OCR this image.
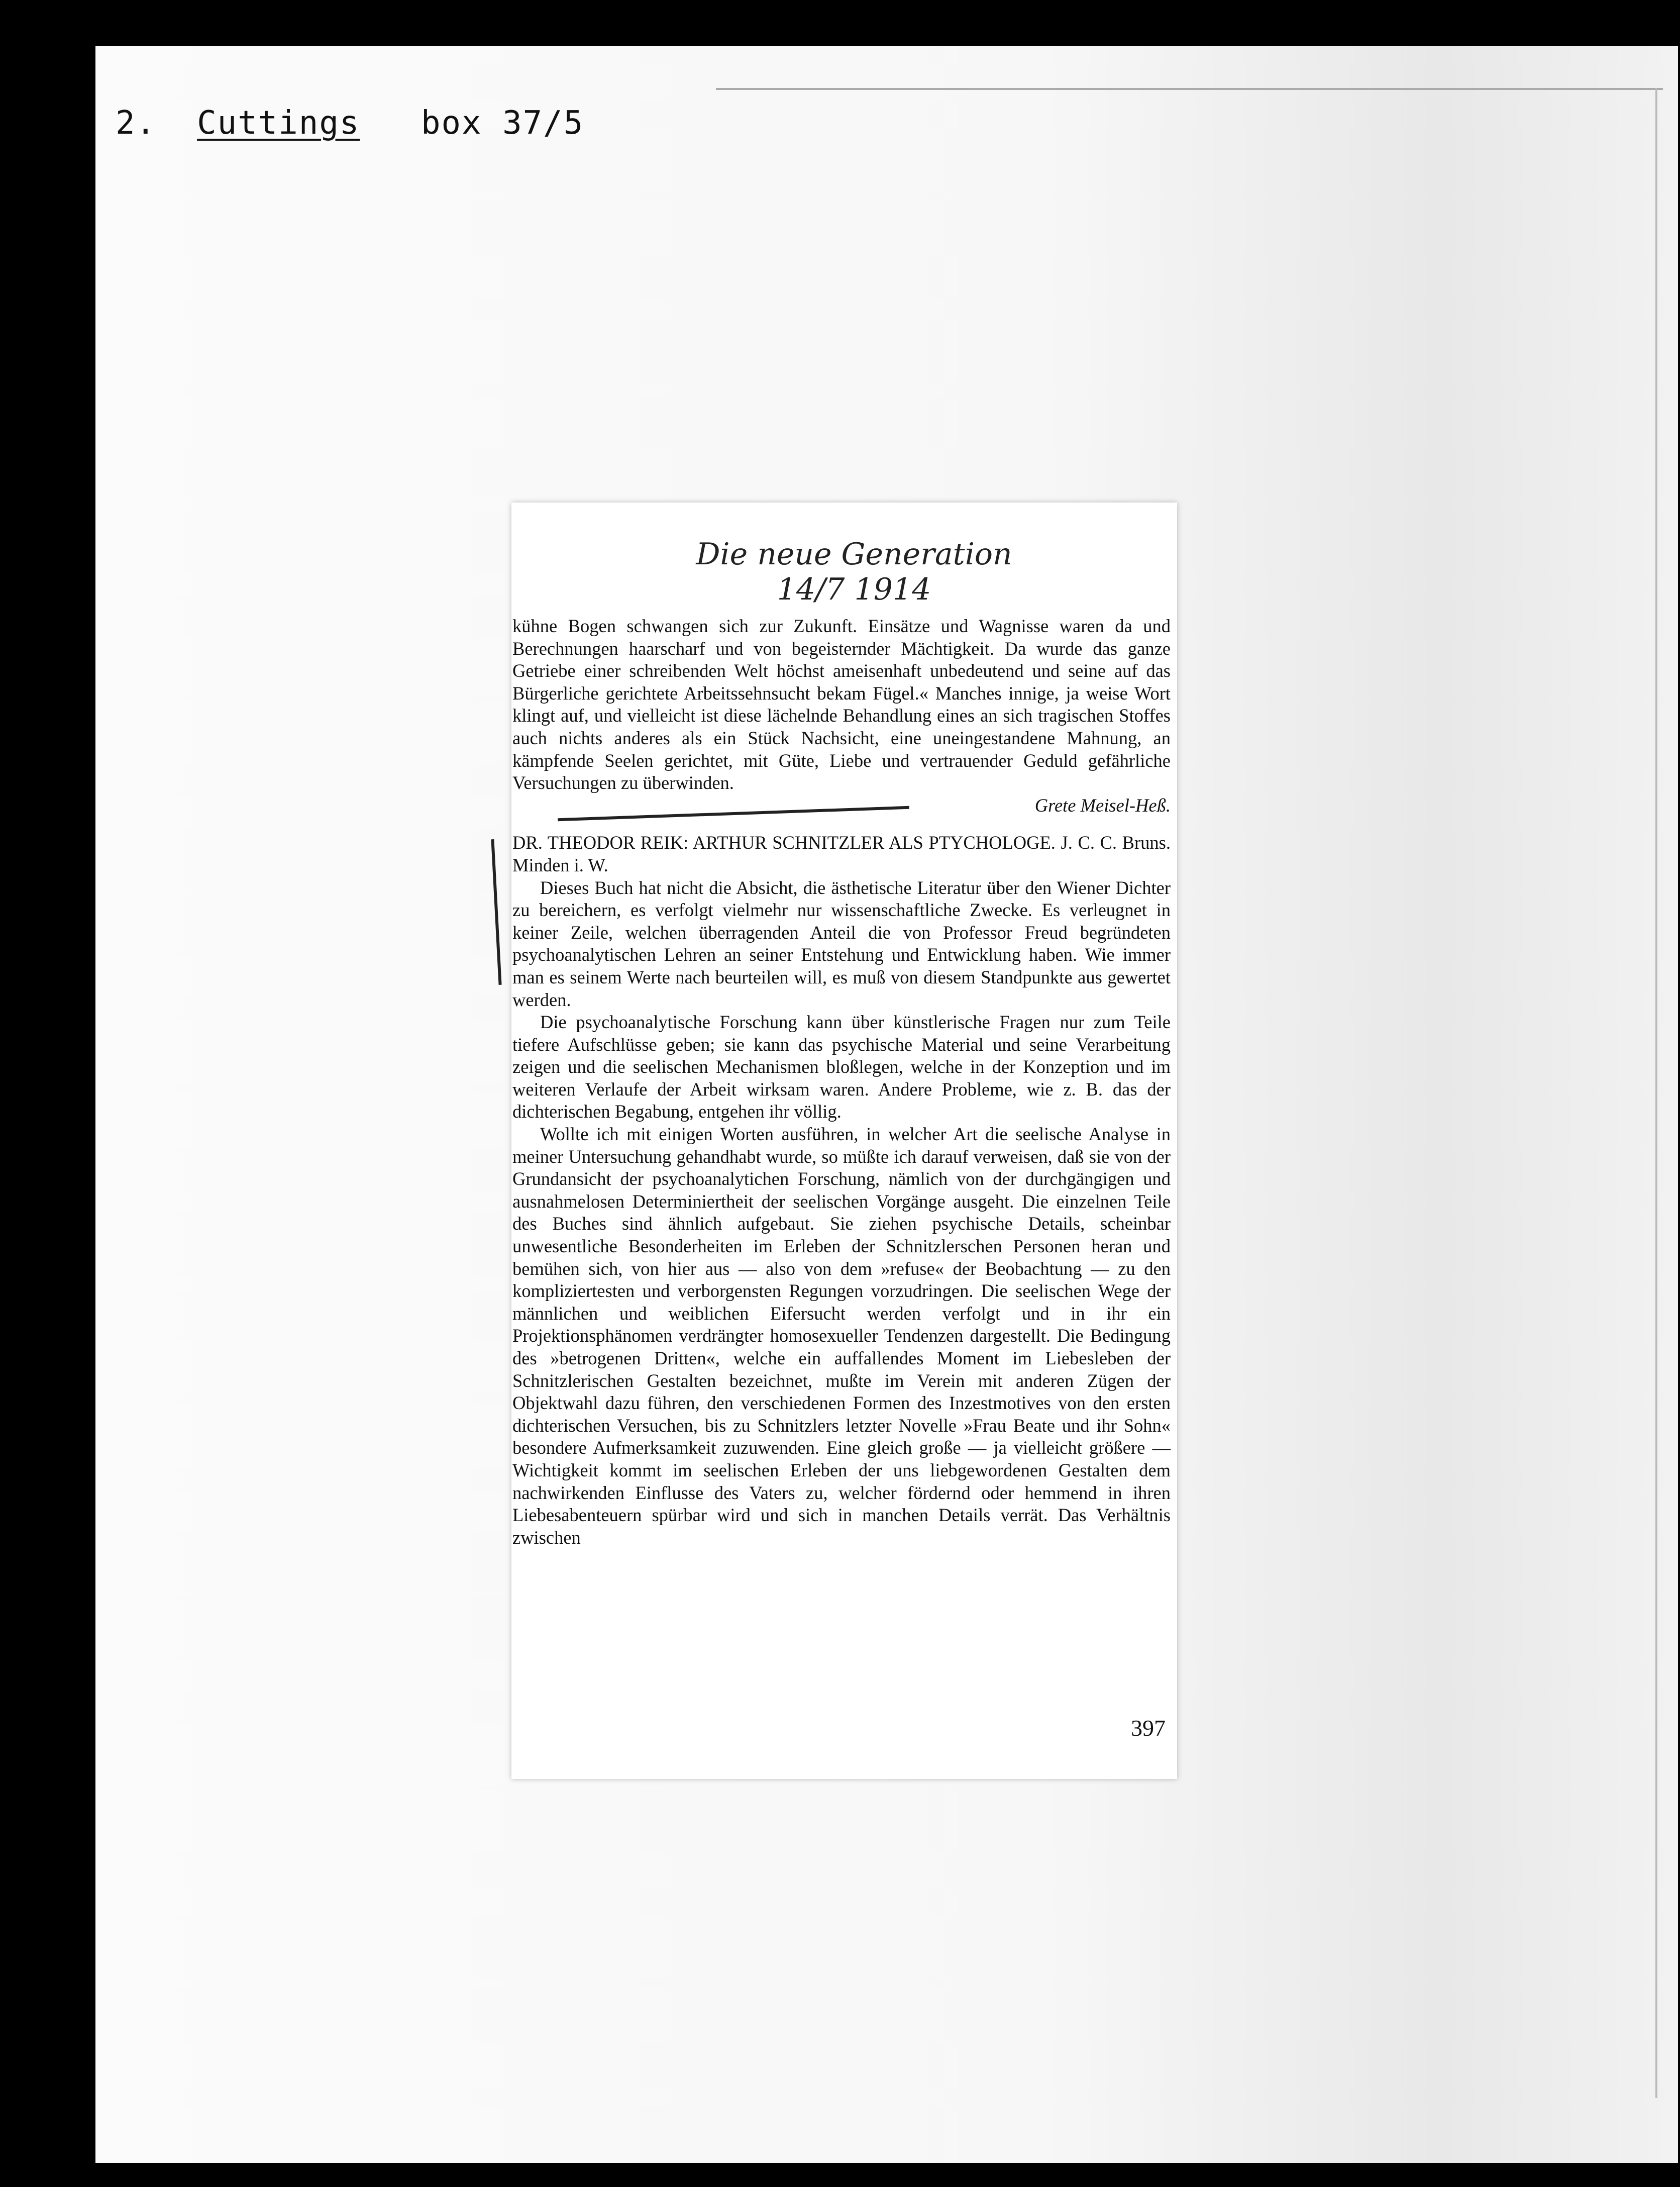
2. Cuttings box 37/5
Die neue Generation
14/7 1914

kühne Bogen schwangen sich zur Zukunft. Einsätze und Wagnisse waren da und Berechnungen haarscharf und von begeisternder Mächtigkeit. Da wurde das ganze Getriebe einer schreibenden Welt höchst ameisenhaft unbedeutend und seine auf das Bürgerliche gerichtete Arbeitssehnsucht bekam Fügel.« Manches innige, ja weise Wort klingt auf, und vielleicht ist diese lächelnde Behandlung eines an sich tragischen Stoffes auch nichts anderes als ein Stück Nachsicht, eine uneingestandene Mahnung, an kämpfende Seelen gerichtet, mit Güte, Liebe und vertrauender Geduld gefährliche Versuchungen zu überwinden.

Grete Meisel-Heß.

DR. THEODOR REIK: ARTHUR SCHNITZLER ALS PTYCHOLOGE. J. C. C. Bruns. Minden i. W.

Dieses Buch hat nicht die Absicht, die ästhetische Literatur über den Wiener Dichter zu bereichern, es verfolgt vielmehr nur wissenschaftliche Zwecke. Es verleugnet in keiner Zeile, welchen überragenden Anteil die von Professor Freud begründeten psychoanalytischen Lehren an seiner Entstehung und Entwicklung haben. Wie immer man es seinem Werte nach beurteilen will, es muß von diesem Standpunkte aus gewertet werden.

Die psychoanalytische Forschung kann über künstlerische Fragen nur zum Teile tiefere Aufschlüsse geben; sie kann das psychische Material und seine Verarbeitung zeigen und die seelischen Mechanismen bloßlegen, welche in der Konzeption und im weiteren Verlaufe der Arbeit wirksam waren. Andere Probleme, wie z. B. das der dichterischen Begabung, entgehen ihr völlig.

Wollte ich mit einigen Worten ausführen, in welcher Art die seelische Analyse in meiner Untersuchung gehandhabt wurde, so müßte ich darauf verweisen, daß sie von der Grundansicht der psychoanalytichen Forschung, nämlich von der durchgängigen und ausnahmelosen Determiniertheit der seelischen Vorgänge ausgeht. Die einzelnen Teile des Buches sind ähnlich aufgebaut. Sie ziehen psychische Details, scheinbar unwesentliche Besonderheiten im Erleben der Schnitzlerschen Personen heran und bemühen sich, von hier aus — also von dem »refuse« der Beobachtung — zu den kompliziertesten und verborgensten Regungen vorzudringen. Die seelischen Wege der männlichen und weiblichen Eifersucht werden verfolgt und in ihr ein Projektionsphänomen verdrängter homosexueller Tendenzen dargestellt. Die Bedingung des »betrogenen Dritten«, welche ein auffallendes Moment im Liebesleben der Schnitzlerischen Gestalten bezeichnet, mußte im Verein mit anderen Zügen der Objektwahl dazu führen, den verschiedenen Formen des Inzestmotives von den ersten dichterischen Versuchen, bis zu Schnitzlers letzter Novelle »Frau Beate und ihr Sohn« besondere Aufmerksamkeit zuzuwenden. Eine gleich große — ja vielleicht größere — Wichtigkeit kommt im seelischen Erleben der uns liebgewordenen Gestalten dem nachwirkenden Einflusse des Vaters zu, welcher fördernd oder hemmend in ihren Liebesabenteuern spürbar wird und sich in manchen Details verrät. Das Verhältnis zwischen

397
